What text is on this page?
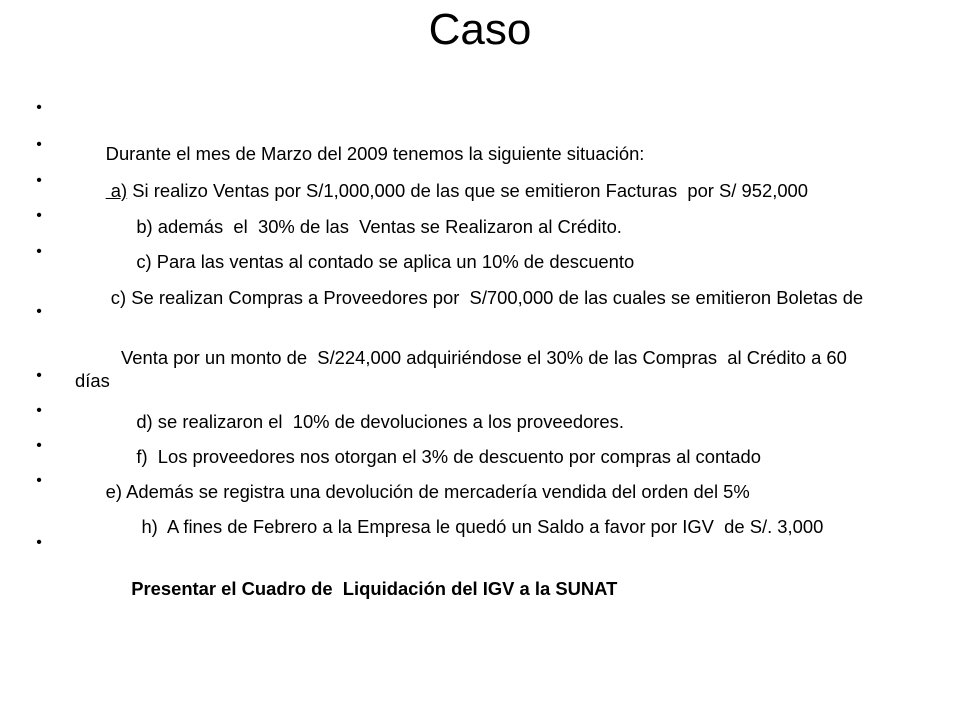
Caso

•

Durante el mes de Marzo del 2009 tenemos la siguiente situación:

•

a) Si realizo Ventas por S/1,000,000 de las que se emitieron Facturas  por S/ 952,000

•

b) además  el  30% de las  Ventas se Realizaron al Crédito.

•

c) Para las ventas al contado se aplica un 10% de descuento

•

c) Se realizan Compras a Proveedores por  S/700,000 de las cuales se emitieron Boletas de

•

Venta por un monto de  S/224,000 adquiriéndose el 30% de las Compras  al Crédito a 60   días

•

d) se realizaron el  10% de devoluciones a los proveedores.

•

f)  Los proveedores nos otorgan el 3% de descuento por compras al contado

•

e) Además se registra una devolución de mercadería vendida del orden del 5%

•

h)  A fines de Febrero a la Empresa le quedó un Saldo a favor por IGV  de S/. 3,000

•

Presentar el Cuadro de  Liquidación del IGV a la SUNAT
